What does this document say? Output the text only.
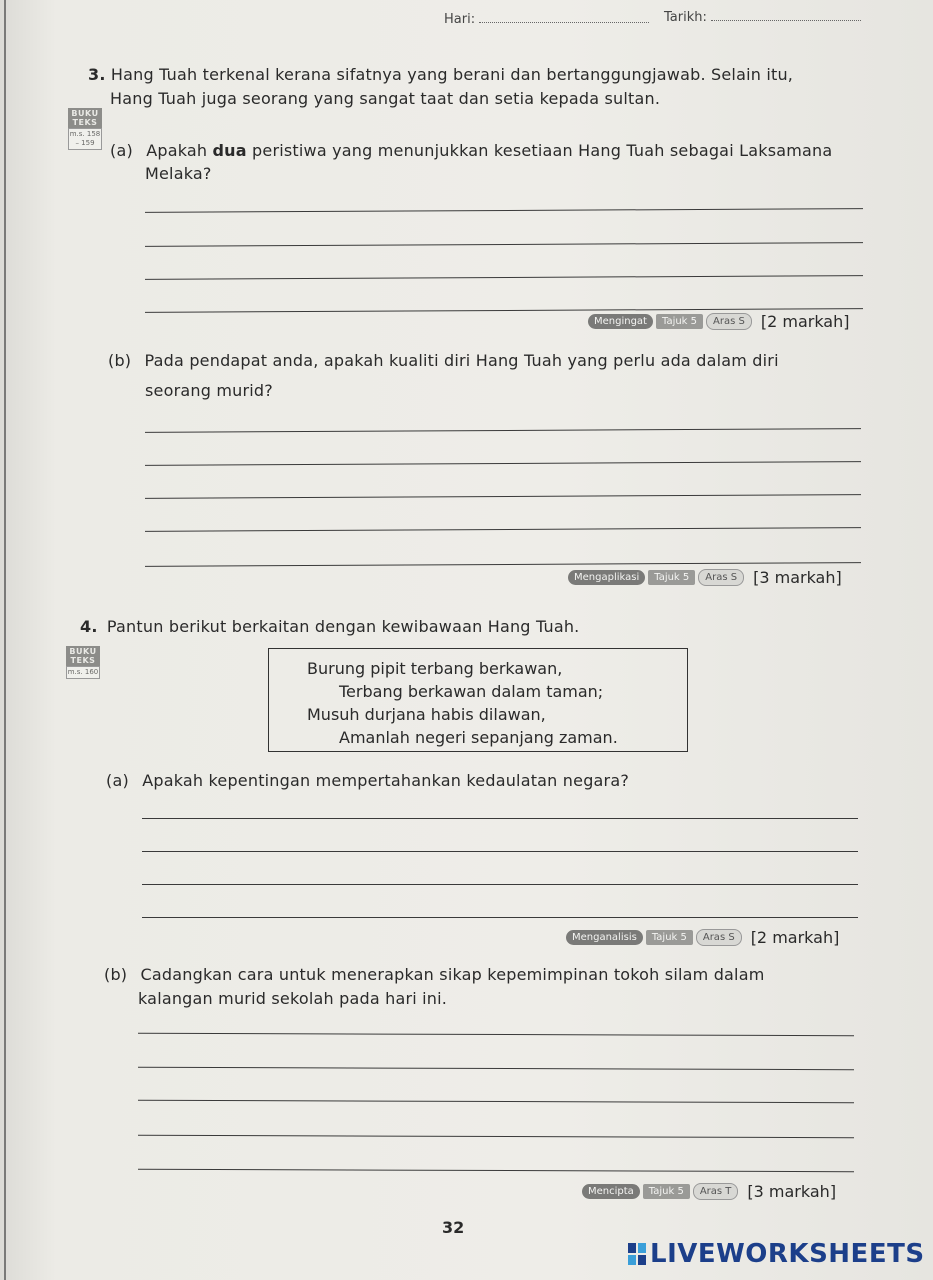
Hari:	Tarikh:
3. Hang Tuah terkenal kerana sifatnya yang berani dan bertanggungjawab. Selain itu,
Hang Tuah juga seorang yang sangat taat dan setia kepada sultan.
BUKU TEKS
m.s. 158 – 159 (a) Apakah dua peristiwa yang menunjukkan kesetiaan Hang Tuah sebagai Laksamana
Melaka?
Mengingat	Tajuk 5	Aras S	[2 markah]
(b) Pada pendapat anda, apakah kualiti diri Hang Tuah yang perlu ada dalam diri
seorang murid?
Mengaplikasi	Tajuk 5	Aras S	[3 markah]
4. Pantun berikut berkaitan dengan kewibawaan Hang Tuah.
BUKU TEKS
m.s. 160	Burung pipit terbang berkawan,
Terbang berkawan dalam taman;
Musuh durjana habis dilawan,
Amanlah negeri sepanjang zaman.
(a) Apakah kepentingan mempertahankan kedaulatan negara?
Menganalisis	Tajuk 5	Aras S	[2 markah]
(b) Cadangkan cara untuk menerapkan sikap kepemimpinan tokoh silam dalam
kalangan murid sekolah pada hari ini.
Mencipta	Tajuk 5	Aras T	[3 markah]
32
LIVEWORKSHEETS
